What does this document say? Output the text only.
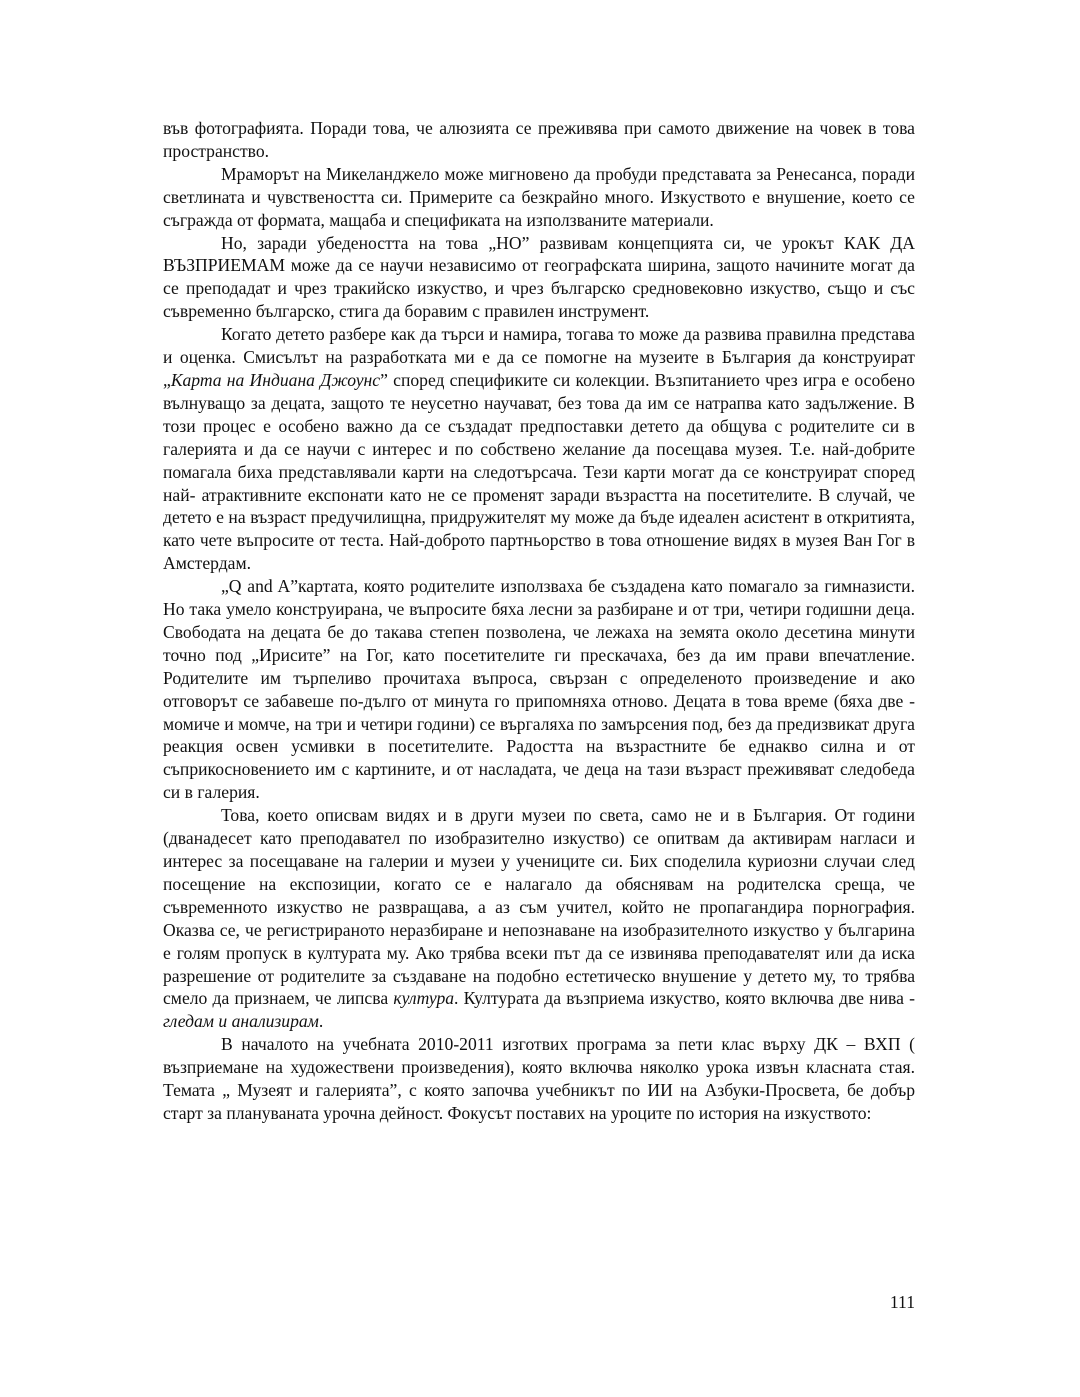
във фотографията. Поради това, че алюзията се преживява при самото движение на човек в това пространство.

Мраморът на Микеланджело може мигновено да пробуди представата за Ренесанса, поради светлината и чувствеността си. Примерите са безкрайно много. Изкуството е внушение, което се съгражда от формата, мащаба и спецификата на използваните материали.

Но, заради убедеността на това „НО” развивам концепцията си, че урокът КАК ДА ВЪЗПРИЕМАМ може да се научи независимо от географската ширина, защото начините могат да се преподадат и чрез тракийско изкуство, и чрез българско средновековно изкуство, също и със съвременно българско, стига да боравим с правилен инструмент.

Когато детето разбере как да търси и намира, тогава то може да развива правилна представа и оценка. Смисълът на разработката ми е да се помогне на музеите в България да конструират „Карта на Индиана Джоунс” според спецификите си колекции. Възпитанието чрез игра е особено вълнуващо за децата, защото те неусетно научават, без това да им се натрапва като задължение. В този процес е особено важно да се създадат предпоставки детето да общува с родителите си в галерията и да се научи с интерес и по собствено желание да посещава музея. Т.е. най-добрите помагала биха представлявали карти на следотърсача. Тези карти могат да се конструират според най- атрактивните експонати като не се променят заради възрастта на посетителите. В случай, че детето е на възраст предучилищна, придружителят му може да бъде идеален асистент в откритията, като чете въпросите от теста. Най-доброто партньорство в това отношение видях в музея Ван Гог в Амстердам.

„Q and A”картата, която родителите използваха бе създадена като помагало за гимназисти. Но така умело конструирана, че въпросите бяха лесни за разбиране и от три, четири годишни деца. Свободата на децата бе до такава степен позволена, че лежаха на земята около десетина минути точно под „Ирисите” на Гог, като посетителите ги прескачаха, без да им прави впечатление. Родителите им търпеливо прочитаха въпроса, свързан с определеното произведение и ако отговорът се забавеше по-дълго от минута го припомняха отново. Децата в това време (бяха две - момиче и момче, на три и четири години) се въргаляха по замърсения под, без да предизвикат друга реакция освен усмивки в посетителите. Радостта на възрастните бе еднакво силна и от съприкосновението им с картините, и от насладата, че деца на тази възраст преживяват следобеда си в галерия.

Това, което описвам видях и в други музеи по света, само не и в България. От години (дванадесет като преподавател по изобразително изкуство) се опитвам да активирам нагласи и интерес за посещаване на галерии и музеи у учениците си. Бих споделила куриозни случаи след посещение на експозиции, когато се е налагало да обяснявам на родителска среща, че съвременното изкуство не развращава, а аз съм учител, който не пропагандира порнография. Оказва се, че регистрираното неразбиране и непознаване на изобразителното изкуство у българина е голям пропуск в културата му. Ако трябва всеки път да се извинява преподавателят или да иска разрешение от родителите за създаване на подобно естетическо внушение у детето му, то трябва смело да признаем, че липсва култура. Културата да възприема изкуство, която включва две нива - гледам и анализирам.

В началото на учебната 2010-2011 изготвих програма за пети клас върху ДК – ВХП ( възприемане на художествени произведения), която включва няколко урока извън класната стая. Темата „ Музеят и галерията”, с която започва учебникът по ИИ на Азбуки-Просвета, бе добър старт за плануваната урочна дейност. Фокусът поставих на уроците по история на изкуството:

111
